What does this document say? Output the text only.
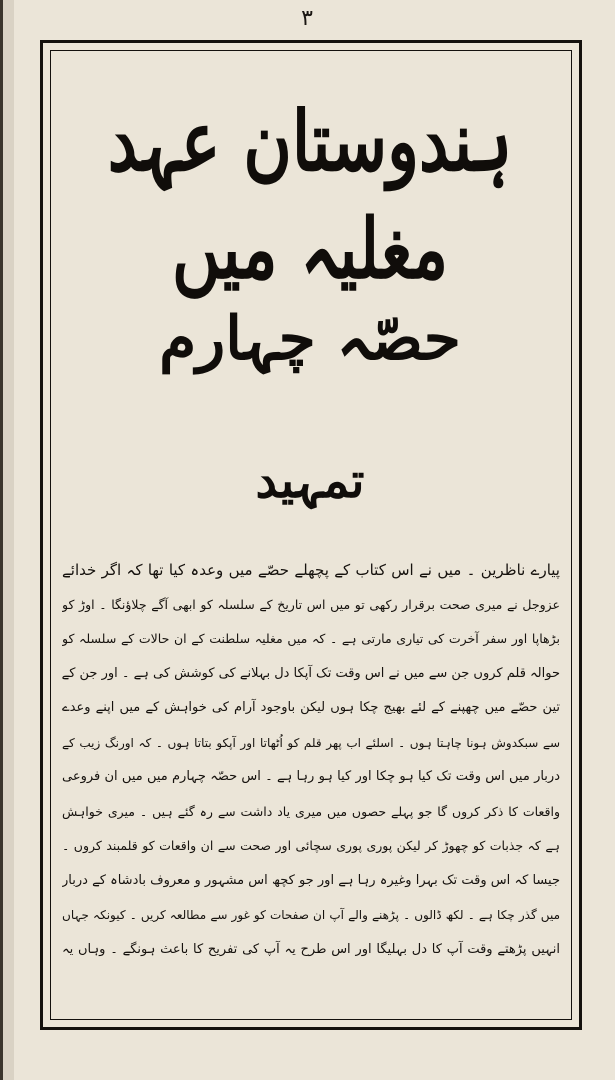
۳
ہندوستان عہد مغلیہ میں
حصّہ چہارم
تمہید
پیارے ناظرین ۔ میں نے اس کتاب کے پچھلے حصّے میں وعدہ کیا تھا کہ اگر خدائے
عزوجل نے میری صحت برقرار رکھی تو میں اس تاریخ کے سلسلہ کو ابھی آگے چلاؤنگا ۔ اوڑ کو
بڑھاپا اور سفر آخرت کی تیاری مارتی ہے ۔ کہ میں مغلیہ سلطنت کے ان حالات کے سلسلہ کو
حوالہ قلم کروں جن سے میں نے اس وقت تک آپکا دل بہلانے کی کوشش کی ہے ۔ اور جن کے
تین حصّے میں چھپنے کے لئے بھیج چکا ہوں لیکن باوجود آرام کی خواہش کے میں اپنے وعدے
سے سبکدوش ہونا چاہتا ہوں ۔ اسلئے اب پھر قلم کو اُٹھاتا اور آپکو بتاتا ہوں ۔ کہ اورنگ زیب کے
دربار میں اس وقت تک کیا ہو چکا اور کیا ہو رہا ہے ۔ اس حصّہ چہارم میں میں ان فروعی
واقعات کا ذکر کروں گا جو پہلے حصوں میں میری یاد داشت سے رہ گئے ہیں ۔ میری خواہش
ہے کہ جذبات کو چھوڑ کر لیکن پوری پوری سچائی اور صحت سے ان واقعات کو قلمبند کروں ۔
جیسا کہ اس وقت تک بہرا وغیرہ رہا ہے اور جو کچھ اس مشہور و معروف بادشاہ کے دربار
میں گذر چکا ہے ۔ لکھ ڈالوں ۔ پڑھنے والے آپ ان صفحات کو غور سے مطالعہ کریں ۔ کیونکہ جہاں
انہیں پڑھتے وقت آپ کا دل بہلیگا اور اس طرح یہ آپ کی تفریح کا باعث ہونگے ۔ وہاں یہ
